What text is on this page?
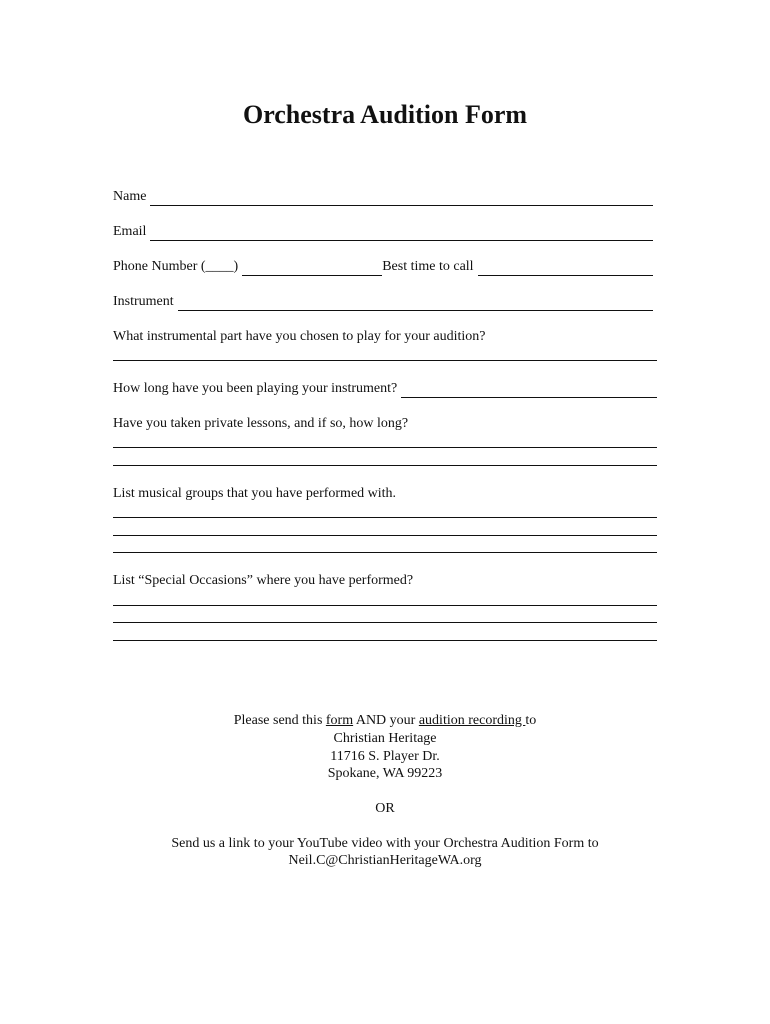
Orchestra Audition Form
Name
Email
Phone Number (____)	Best time to call
Instrument
What instrumental part have you chosen to play for your audition?
How long have you been playing your instrument?
Have you taken private lessons, and if so, how long?
List musical groups that you have performed with.
List “Special Occasions” where you have performed?
Please send this form AND your audition recording to
Christian Heritage
11716 S. Player Dr.
Spokane, WA 99223
OR
Send us a link to your YouTube video with your Orchestra Audition Form to
Neil.C@ChristianHeritageWA.org
